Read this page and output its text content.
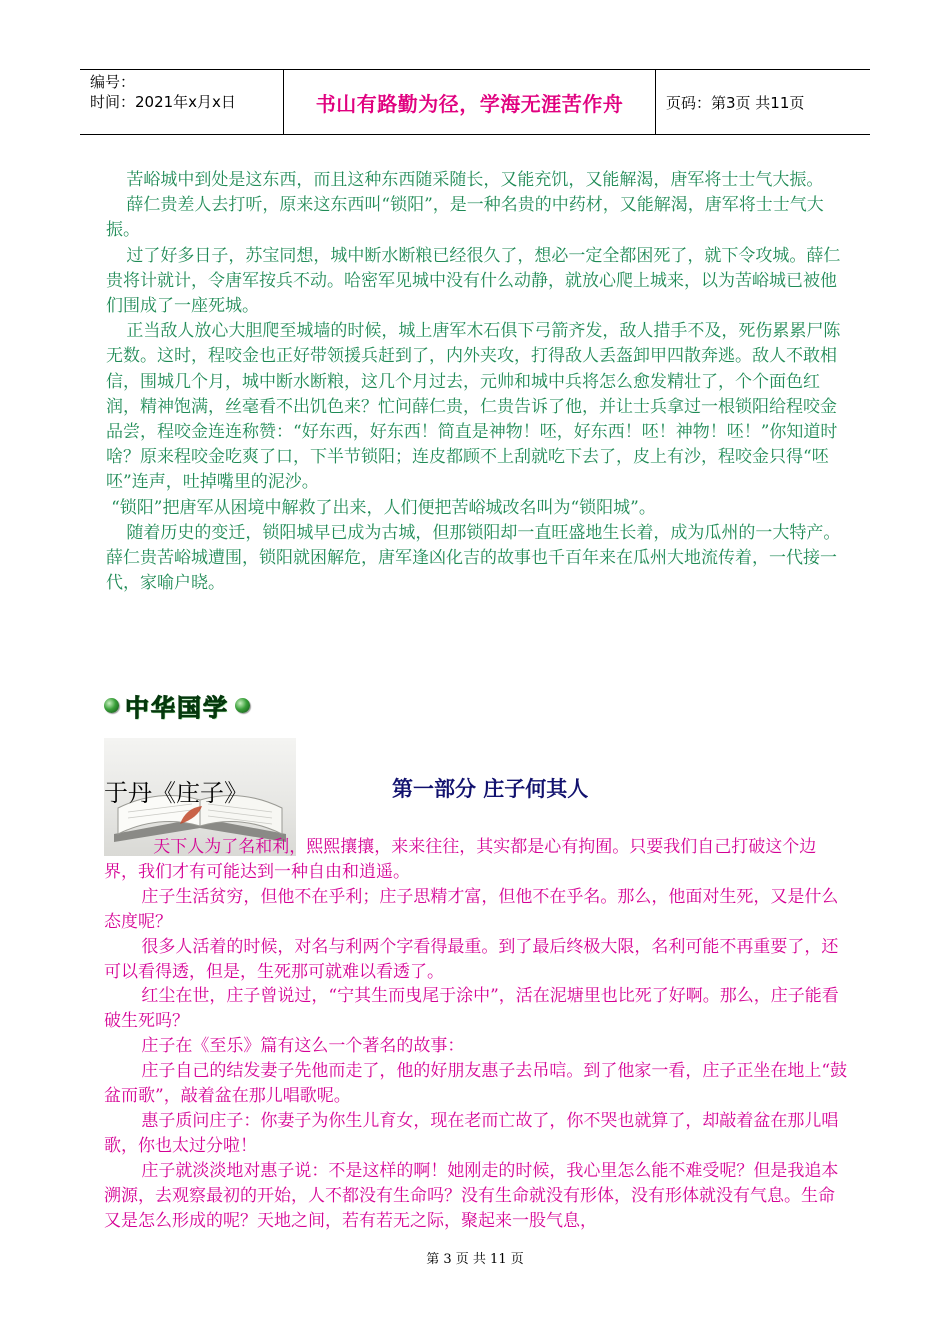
编号：
时间：2021年x月x日	书山有路勤为径，学海无涯苦作舟	页码：第3页 共11页

苦峪城中到处是这东西，而且这种东西随采随长，又能充饥，又能解渴，唐军将士士气大振。

薛仁贵差人去打听，原来这东西叫“锁阳”，是一种名贵的中药材，又能解渴，唐军将士士气大振。

过了好多日子，苏宝同想，城中断水断粮已经很久了，想必一定全都困死了，就下令攻城。薛仁贵将计就计，令唐军按兵不动。哈密军见城中没有什么动静，就放心爬上城来，以为苦峪城已被他们围成了一座死城。

正当敌人放心大胆爬至城墙的时候，城上唐军木石俱下弓箭齐发，敌人措手不及，死伤累累尸陈无数。这时，程咬金也正好带领援兵赶到了，内外夹攻，打得敌人丢盔卸甲四散奔逃。敌人不敢相信，围城几个月，城中断水断粮，这几个月过去，元帅和城中兵将怎么愈发精壮了，个个面色红润，精神饱满，丝毫看不出饥色来？忙问薛仁贵，仁贵告诉了他，并让士兵拿过一根锁阳给程咬金品尝，程咬金连连称赞：“好东西，好东西！简直是神物！呸，好东西！呸！神物！呸！”你知道时啥？原来程咬金吃爽了口，下半节锁阳；连皮都顾不上刮就吃下去了，皮上有沙，程咬金只得“呸呸”连声，吐掉嘴里的泥沙。

“锁阳”把唐军从困境中解救了出来，人们便把苦峪城改名叫为“锁阳城”。

随着历史的变迁，锁阳城早已成为古城，但那锁阳却一直旺盛地生长着，成为瓜州的一大特产。薛仁贵苦峪城遭围，锁阳就困解危，唐军逢凶化吉的故事也千百年来在瓜州大地流传着，一代接一代，家喻户晓。

中华国学
于丹《庄子》	第一部分 庄子何其人

天下人为了名和利，熙熙攘攘，来来往往，其实都是心有拘囿。只要我们自己打破这个边界，我们才有可能达到一种自由和逍遥。

庄子生活贫穷，但他不在乎利；庄子思精才富，但他不在乎名。那么，他面对生死，又是什么态度呢？

很多人活着的时候，对名与利两个字看得最重。到了最后终极大限，名利可能不再重要了，还可以看得透，但是，生死那可就难以看透了。

红尘在世，庄子曾说过，“宁其生而曳尾于涂中”，活在泥塘里也比死了好啊。那么，庄子能看破生死吗？

庄子在《至乐》篇有这么一个著名的故事：

庄子自己的结发妻子先他而走了，他的好朋友惠子去吊唁。到了他家一看，庄子正坐在地上“鼓盆而歌”，敲着盆在那儿唱歌呢。

惠子质问庄子：你妻子为你生儿育女，现在老而亡故了，你不哭也就算了，却敲着盆在那儿唱歌，你也太过分啦！

庄子就淡淡地对惠子说：不是这样的啊！她刚走的时候，我心里怎么能不难受呢？但是我追本溯源，去观察最初的开始，人不都没有生命吗？没有生命就没有形体，没有形体就没有气息。生命又是怎么形成的呢？天地之间，若有若无之际，聚起来一股气息，

第 3 页 共 11 页
